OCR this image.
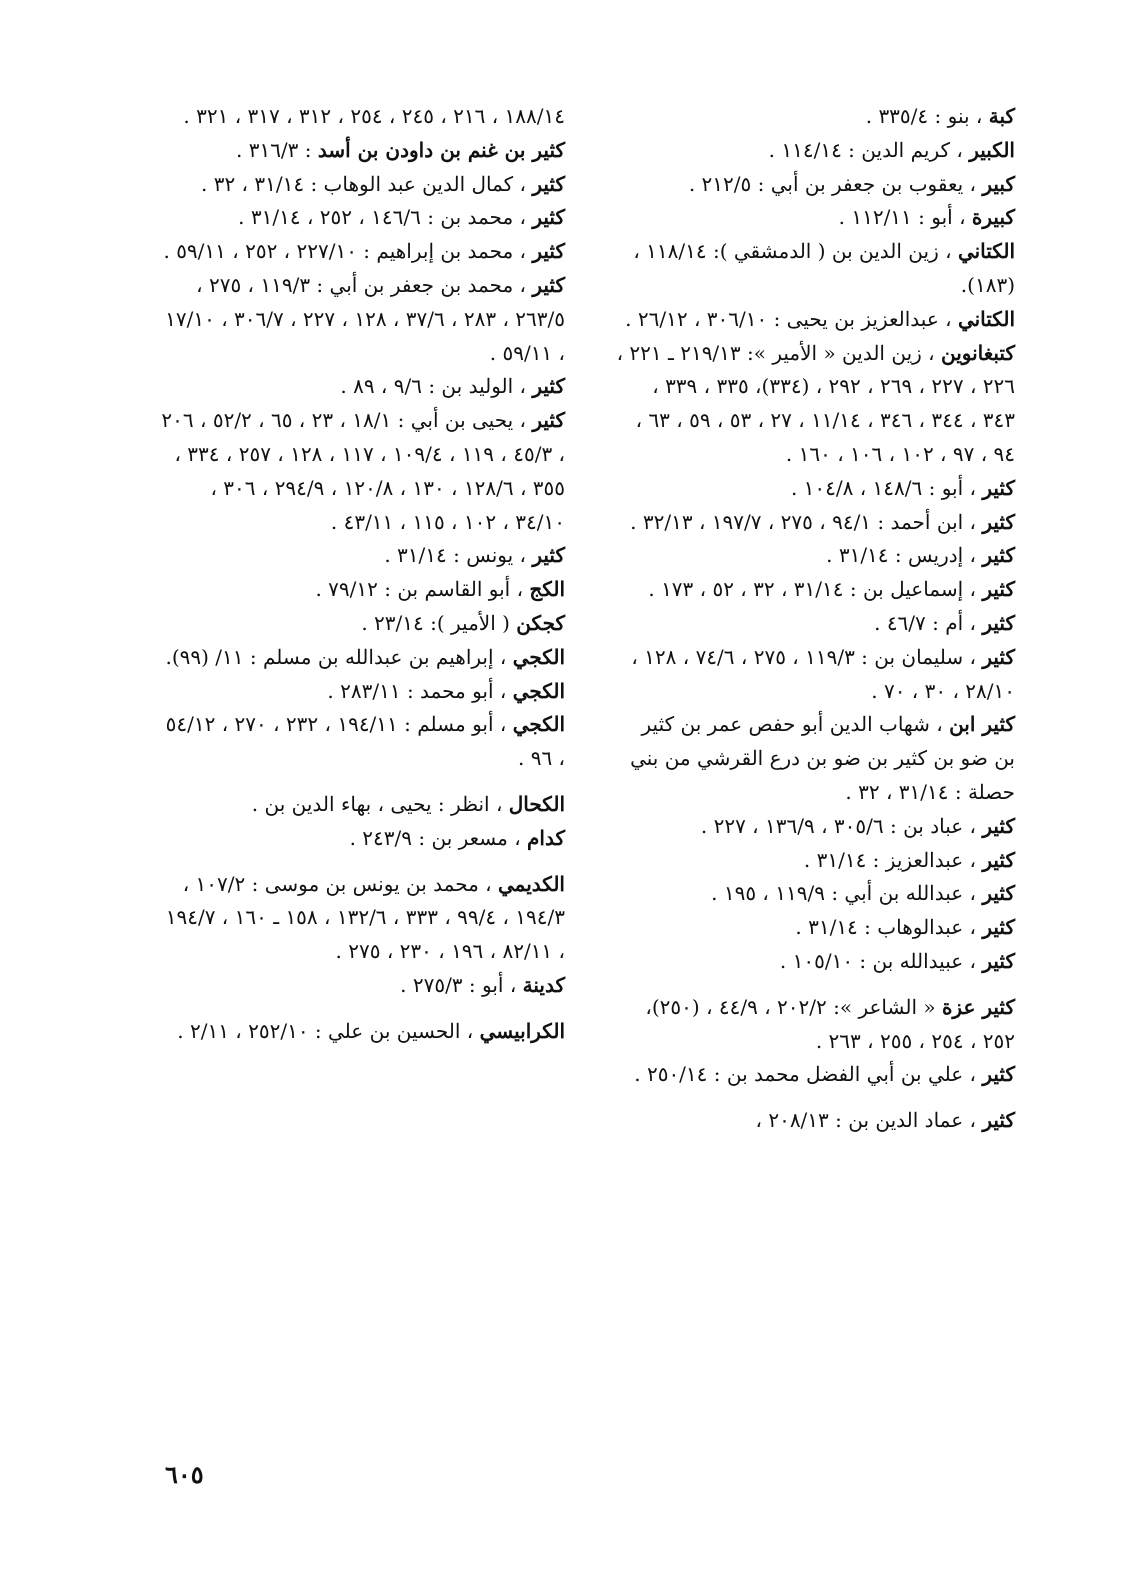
كبة ، بنو : ٣٣٥/٤ .

الكبير ، كريم الدين : ١١٤/١٤ .

كبير ، يعقوب بن جعفر بن أبي : ٢١٢/٥ .

كبيرة ، أبو : ١١٢/١١ .

الكتاني ، زين الدين بن ( الدمشقي ): ١١٨/١٤ ، (١٨٣).

الكتاني ، عبدالعزيز بن يحيى : ٣٠٦/١٠ ، ٢٦/١٢ .

كتبغانوين ، زين الدين « الأمير »: ٢١٩/١٣ ـ ٢٢١ ، ٢٢٦ ، ٢٢٧ ، ٢٦٩ ، ٢٩٢ ، (٣٣٤)، ٣٣٥ ، ٣٣٩ ، ٣٤٣ ، ٣٤٤ ، ٣٤٦ ، ١١/١٤ ، ٢٧ ، ٥٣ ، ٥٩ ، ٦٣ ، ٩٤ ، ٩٧ ، ١٠٢ ، ١٠٦ ، ١٦٠ .

كثير ، أبو : ١٤٨/٦ ، ١٠٤/٨ .

كثير ، ابن أحمد : ٩٤/١ ، ٢٧٥ ، ١٩٧/٧ ، ٣٢/١٣ .

كثير ، إدريس : ٣١/١٤ .

كثير ، إسماعيل بن : ٣١/١٤ ، ٣٢ ، ٥٢ ، ١٧٣ .

كثير ، أم : ٤٦/٧ .

كثير ، سليمان بن : ١١٩/٣ ، ٢٧٥ ، ٧٤/٦ ، ١٢٨ ، ٢٨/١٠ ، ٣٠ ، ٧٠ .

كثير ابن ، شهاب الدين أبو حفص عمر بن كثير بن ضو بن كثير بن ضو بن درع القرشي من بني حصلة : ٣١/١٤ ، ٣٢ .

كثير ، عباد بن : ٣٠٥/٦ ، ١٣٦/٩ ، ٢٢٧ .

كثير ، عبدالعزيز : ٣١/١٤ .

كثير ، عبدالله بن أبي : ١١٩/٩ ، ١٩٥ .

كثير ، عبدالوهاب : ٣١/١٤ .

كثير ، عبيدالله بن : ١٠٥/١٠ .

كثير عزة « الشاعر »: ٢٠٢/٢ ، ٤٤/٩ ، (٢٥٠)، ٢٥٢ ، ٢٥٤ ، ٢٥٥ ، ٢٦٣ .

كثير ، علي بن أبي الفضل محمد بن : ٢٥٠/١٤ .

كثير ، عماد الدين بن : ٢٠٨/١٣ ،

١٨٨/١٤ ، ٢١٦ ، ٢٤٥ ، ٢٥٤ ، ٣١٢ ، ٣١٧ ، ٣٢١ .

كثير بن غنم بن داودن بن أسد : ٣١٦/٣ .

كثير ، كمال الدين عبد الوهاب : ٣١/١٤ ، ٣٢ .

كثير ، محمد بن : ١٤٦/٦ ، ٢٥٢ ، ٣١/١٤ .

كثير ، محمد بن إبراهيم : ٢٢٧/١٠ ، ٢٥٢ ، ٥٩/١١ .

كثير ، محمد بن جعفر بن أبي : ١١٩/٣ ، ٢٧٥ ، ٢٦٣/٥ ، ٢٨٣ ، ٣٧/٦ ، ١٢٨ ، ٢٢٧ ، ٣٠٦/٧ ، ١٧/١٠ ، ٥٩/١١ .

كثير ، الوليد بن : ٩/٦ ، ٨٩ .

كثير ، يحيى بن أبي : ١٨/١ ، ٢٣ ، ٦٥ ، ٥٢/٢ ، ٢٠٦ ، ٤٥/٣ ، ١١٩ ، ١٠٩/٤ ، ١١٧ ، ١٢٨ ، ٢٥٧ ، ٣٣٤ ، ٣٥٥ ، ١٢٨/٦ ، ١٣٠ ، ١٢٠/٨ ، ٢٩٤/٩ ، ٣٠٦ ، ٣٤/١٠ ، ١٠٢ ، ١١٥ ، ٤٣/١١ .

كثير ، يونس : ٣١/١٤ .

الكج ، أبو القاسم بن : ٧٩/١٢ .

كجكن ( الأمير ): ٢٣/١٤ .

الكجي ، إبراهيم بن عبدالله بن مسلم : ١١/ (٩٩).

الكجي ، أبو محمد : ٢٨٣/١١ .

الكجي ، أبو مسلم : ١٩٤/١١ ، ٢٣٢ ، ٢٧٠ ، ٥٤/١٢ ، ٩٦ .

الكحال ، انظر : يحيى ، بهاء الدين بن .

كدام ، مسعر بن : ٢٤٣/٩ .

الكديمي ، محمد بن يونس بن موسى : ١٠٧/٢ ، ١٩٤/٣ ، ٩٩/٤ ، ٣٣٣ ، ١٣٢/٦ ، ١٥٨ ـ ١٦٠ ، ١٩٤/٧ ، ٨٢/١١ ، ١٩٦ ، ٢٣٠ ، ٢٧٥ .

كدينة ، أبو : ٢٧٥/٣ .

الكرابيسي ، الحسين بن علي : ٢٥٢/١٠ ، ٢/١١ .

٦٠٥
